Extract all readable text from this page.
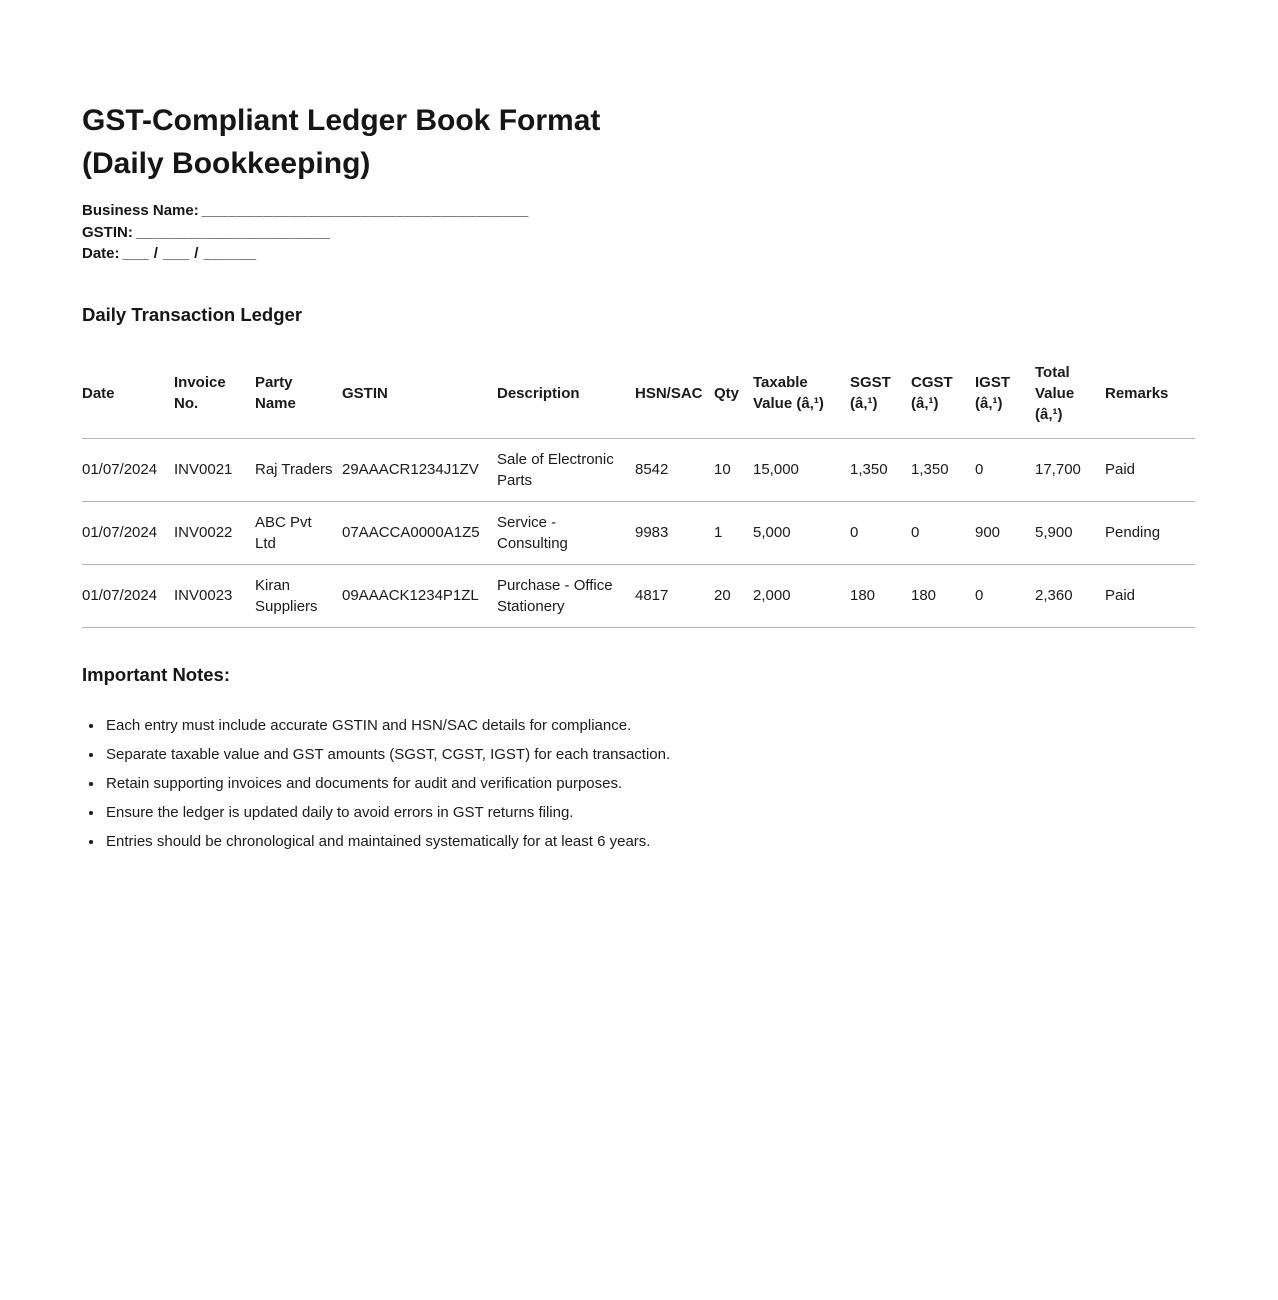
GST-Compliant Ledger Book Format
(Daily Bookkeeping)
Business Name: _____________________________________
GSTIN: ______________________
Date: ___ / ___ / ______
Daily Transaction Ledger
Date	Invoice No.	Party Name	GSTIN	Description	HSN/SAC	Qty	Taxable Value (â‚¹)	SGST (â‚¹)	CGST (â‚¹)	IGST (â‚¹)	Total Value (â‚¹)	Remarks
01/07/2024	INV0021	Raj Traders	29AAACR1234J1ZV	Sale of Electronic Parts	8542	10	15,000	1,350	1,350	0	17,700	Paid
01/07/2024	INV0022	ABC Pvt Ltd	07AACCA0000A1Z5	Service - Consulting	9983	1	5,000	0	0	900	5,900	Pending
01/07/2024	INV0023	Kiran Suppliers	09AAACK1234P1ZL	Purchase - Office Stationery	4817	20	2,000	180	180	0	2,360	Paid
Important Notes:
• Each entry must include accurate GSTIN and HSN/SAC details for compliance.
• Separate taxable value and GST amounts (SGST, CGST, IGST) for each transaction.
• Retain supporting invoices and documents for audit and verification purposes.
• Ensure the ledger is updated daily to avoid errors in GST returns filing.
• Entries should be chronological and maintained systematically for at least 6 years.
